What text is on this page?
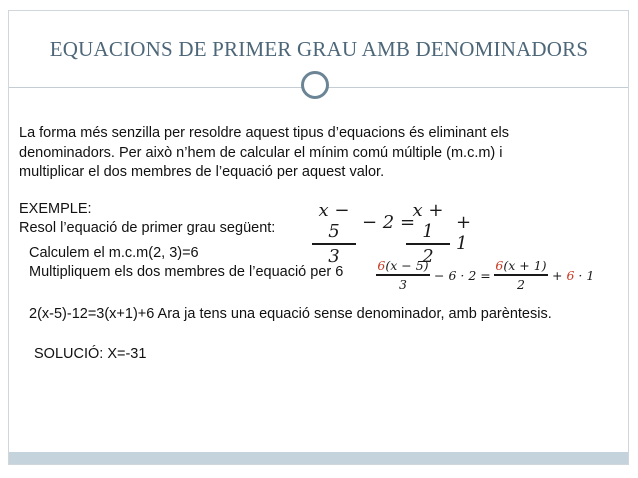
EQUACIONS DE PRIMER GRAU AMB DENOMINADORS
La forma més senzilla per resoldre aquest tipus d’equacions és eliminant els
denominadors. Per això n’hem de calcular el mínim comú múltiple (m.c.m) i
multiplicar el dos membres de l’equació per aquest valor.
EXEMPLE:
Resol l’equació de primer grau següent:
x − 5
3
− 2 =
x + 1
2
+ 1
Calculem el m.c.m(2, 3)=6
Multipliquem els dos membres de l’equació per 6	6(x − 5)
3
− 6 · 2 =
6(x + 1)
2
+ 6 · 1
2(x-5)-12=3(x+1)+6 Ara ja tens una equació sense denominador, amb parèntesis.
SOLUCIÓ: X=-31
